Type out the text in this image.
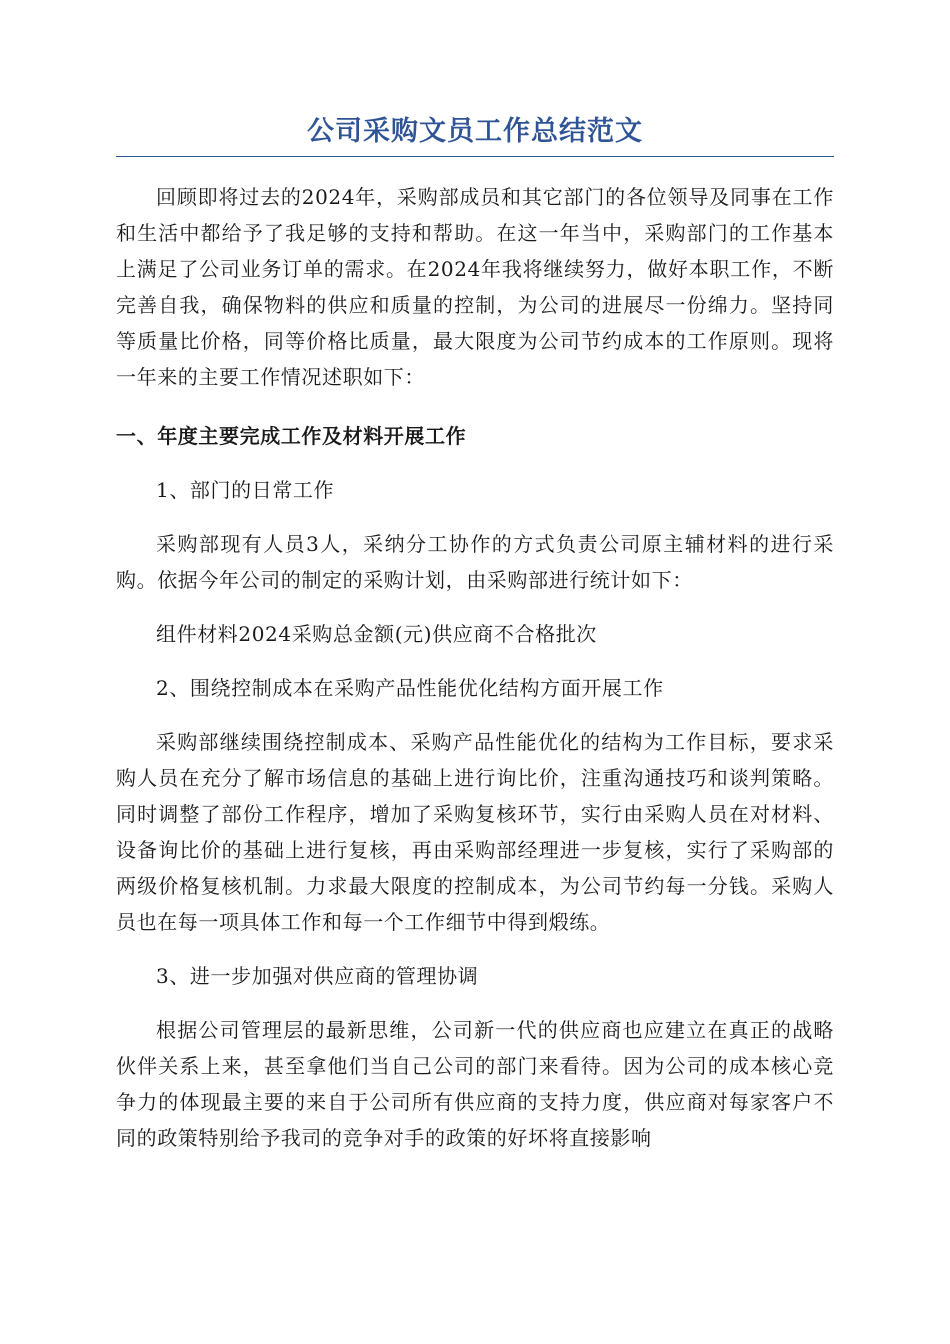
公司采购文员工作总结范文

回顾即将过去的2024年，采购部成员和其它部门的各位领导及同事在工作和生活中都给予了我足够的支持和帮助。在这一年当中，采购部门的工作基本上满足了公司业务订单的需求。在2024年我将继续努力，做好本职工作，不断完善自我，确保物料的供应和质量的控制，为公司的进展尽一份绵力。坚持同等质量比价格，同等价格比质量，最大限度为公司节约成本的工作原则。现将一年来的主要工作情况述职如下：

一、年度主要完成工作及材料开展工作

1、部门的日常工作

采购部现有人员3人，采纳分工协作的方式负责公司原主辅材料的进行采购。依据今年公司的制定的采购计划，由采购部进行统计如下：

组件材料2024采购总金额(元)供应商不合格批次

2、围绕控制成本在采购产品性能优化结构方面开展工作

采购部继续围绕控制成本、采购产品性能优化的结构为工作目标，要求采购人员在充分了解市场信息的基础上进行询比价，注重沟通技巧和谈判策略。同时调整了部份工作程序，增加了采购复核环节，实行由采购人员在对材料、设备询比价的基础上进行复核，再由采购部经理进一步复核，实行了采购部的两级价格复核机制。力求最大限度的控制成本，为公司节约每一分钱。采购人员也在每一项具体工作和每一个工作细节中得到煅练。

3、进一步加强对供应商的管理协调

根据公司管理层的最新思维，公司新一代的供应商也应建立在真正的战略伙伴关系上来，甚至拿他们当自己公司的部门来看待。因为公司的成本核心竞争力的体现最主要的来自于公司所有供应商的支持力度，供应商对每家客户不同的政策特别给予我司的竞争对手的政策的好坏将直接影响
